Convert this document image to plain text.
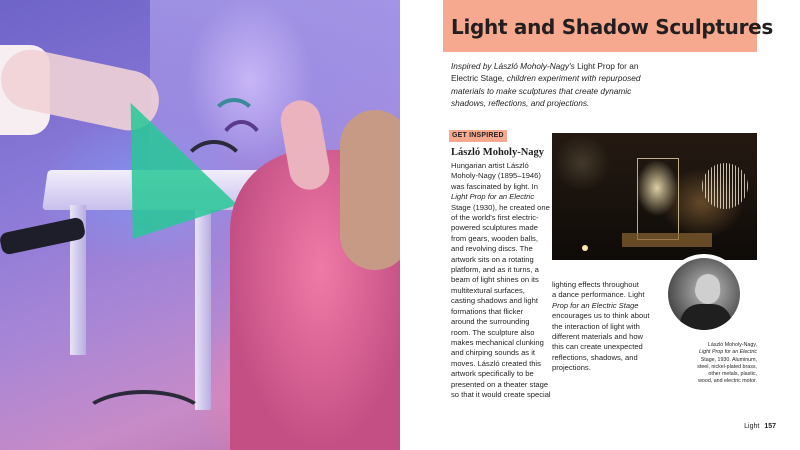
Light and Shadow Sculptures
Inspired by László Moholy-Nagy's Light Prop for an Electric Stage, children experiment with repurposed materials to make sculptures that create dynamic shadows, reflections, and projections.
GET INSPIRED
László Moholy-Nagy
Hungarian artist László
Moholy-Nagy (1895–1946)
was fascinated by light. In
Light Prop for an Electric
Stage (1930), he created one
of the world's first electric-
powered sculptures made
from gears, wooden balls,
and revolving discs. The
artwork sits on a rotating
platform, and as it turns, a
beam of light shines on its
multitextural surfaces,
casting shadows and light
formations that flicker
around the surrounding
room. The sculpture also
makes mechanical clunking
and chirping sounds as it
moves. László created this
artwork specifically to be
presented on a theater stage
so that it would create special
lighting effects throughout
a dance performance. Light
Prop for an Electric Stage
encourages us to think about
the interaction of light with
different materials and how
this can create unexpected
reflections, shadows, and
projections.
László Moholy-Nagy,
Light Prop for an Electric
Stage, 1930. Aluminum,
steel, nickel-plated brass,
other metals, plastic,
wood, and electric motor.
Light 157
